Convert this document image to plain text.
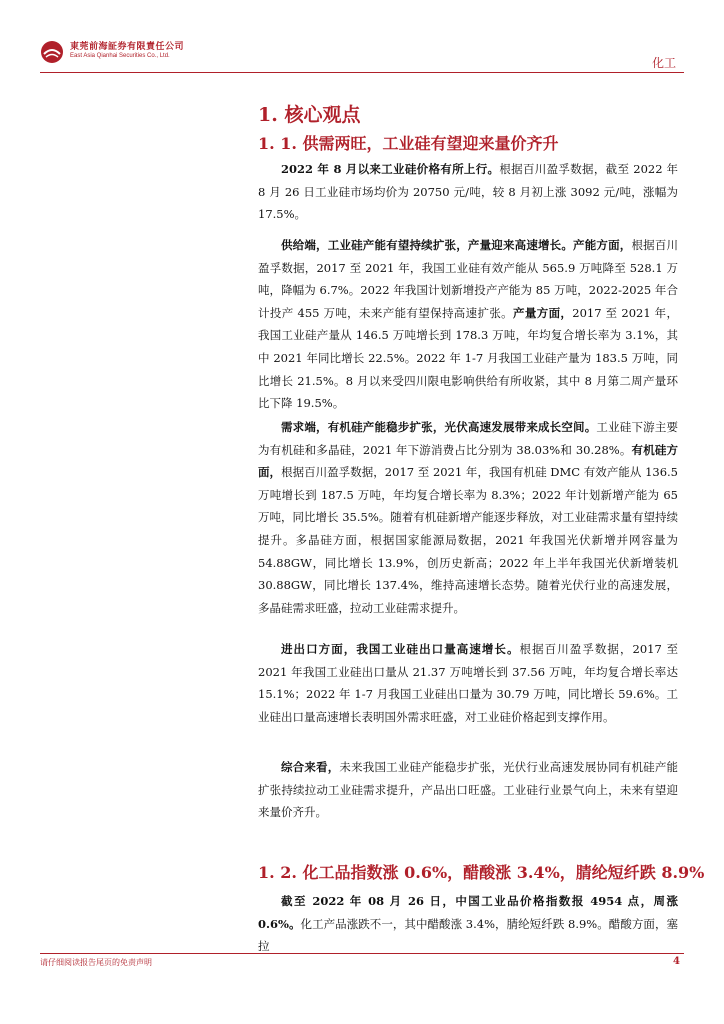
東莞前海証券有限責任公司
East Asia Qianhai Securities Co., Ltd.	化工
1. 核心观点
1. 1. 供需两旺，工业硅有望迎来量价齐升
2022 年 8 月以来工业硅价格有所上行。根据百川盈孚数据，截至 2022 年 8 月 26 日工业硅市场均价为 20750 元/吨，较 8 月初上涨 3092 元/吨，涨幅为 17.5%。
供给端，工业硅产能有望持续扩张，产量迎来高速增长。产能方面，根据百川盈孚数据，2017 至 2021 年，我国工业硅有效产能从 565.9 万吨降至 528.1 万吨，降幅为 6.7%。2022 年我国计划新增投产产能为 85 万吨，2022-2025 年合计投产 455 万吨，未来产能有望保持高速扩张。产量方面，2017 至 2021 年，我国工业硅产量从 146.5 万吨增长到 178.3 万吨，年均复合增长率为 3.1%，其中 2021 年同比增长 22.5%。2022 年 1-7 月我国工业硅产量为 183.5 万吨，同比增长 21.5%。8 月以来受四川限电影响供给有所收紧，其中 8 月第二周产量环比下降 19.5%。
需求端，有机硅产能稳步扩张，光伏高速发展带来成长空间。工业硅下游主要为有机硅和多晶硅，2021 年下游消费占比分别为 38.03%和 30.28%。有机硅方面，根据百川盈孚数据，2017 至 2021 年，我国有机硅 DMC 有效产能从 136.5 万吨增长到 187.5 万吨，年均复合增长率为 8.3%；2022 年计划新增产能为 65 万吨，同比增长 35.5%。随着有机硅新增产能逐步释放，对工业硅需求量有望持续提升。多晶硅方面，根据国家能源局数据，2021 年我国光伏新增并网容量为 54.88GW，同比增长 13.9%，创历史新高；2022 年上半年我国光伏新增装机 30.88GW，同比增长 137.4%，维持高速增长态势。随着光伏行业的高速发展，多晶硅需求旺盛，拉动工业硅需求提升。
进出口方面，我国工业硅出口量高速增长。根据百川盈孚数据，2017 至 2021 年我国工业硅出口量从 21.37 万吨增长到 37.56 万吨，年均复合增长率达 15.1%；2022 年 1-7 月我国工业硅出口量为 30.79 万吨，同比增长 59.6%。工业硅出口量高速增长表明国外需求旺盛，对工业硅价格起到支撑作用。
综合来看，未来我国工业硅产能稳步扩张，光伏行业高速发展协同有机硅产能扩张持续拉动工业硅需求提升，产品出口旺盛。工业硅行业景气向上，未来有望迎来量价齐升。
1. 2. 化工品指数涨 0.6%，醋酸涨 3.4%，腈纶短纤跌 8.9%
截至 2022 年 08 月 26 日，中国工业品价格指数报 4954 点，周涨 0.6%。化工产品涨跌不一，其中醋酸涨 3.4%，腈纶短纤跌 8.9%。醋酸方面，塞拉
请仔细阅读报告尾页的免责声明	4
